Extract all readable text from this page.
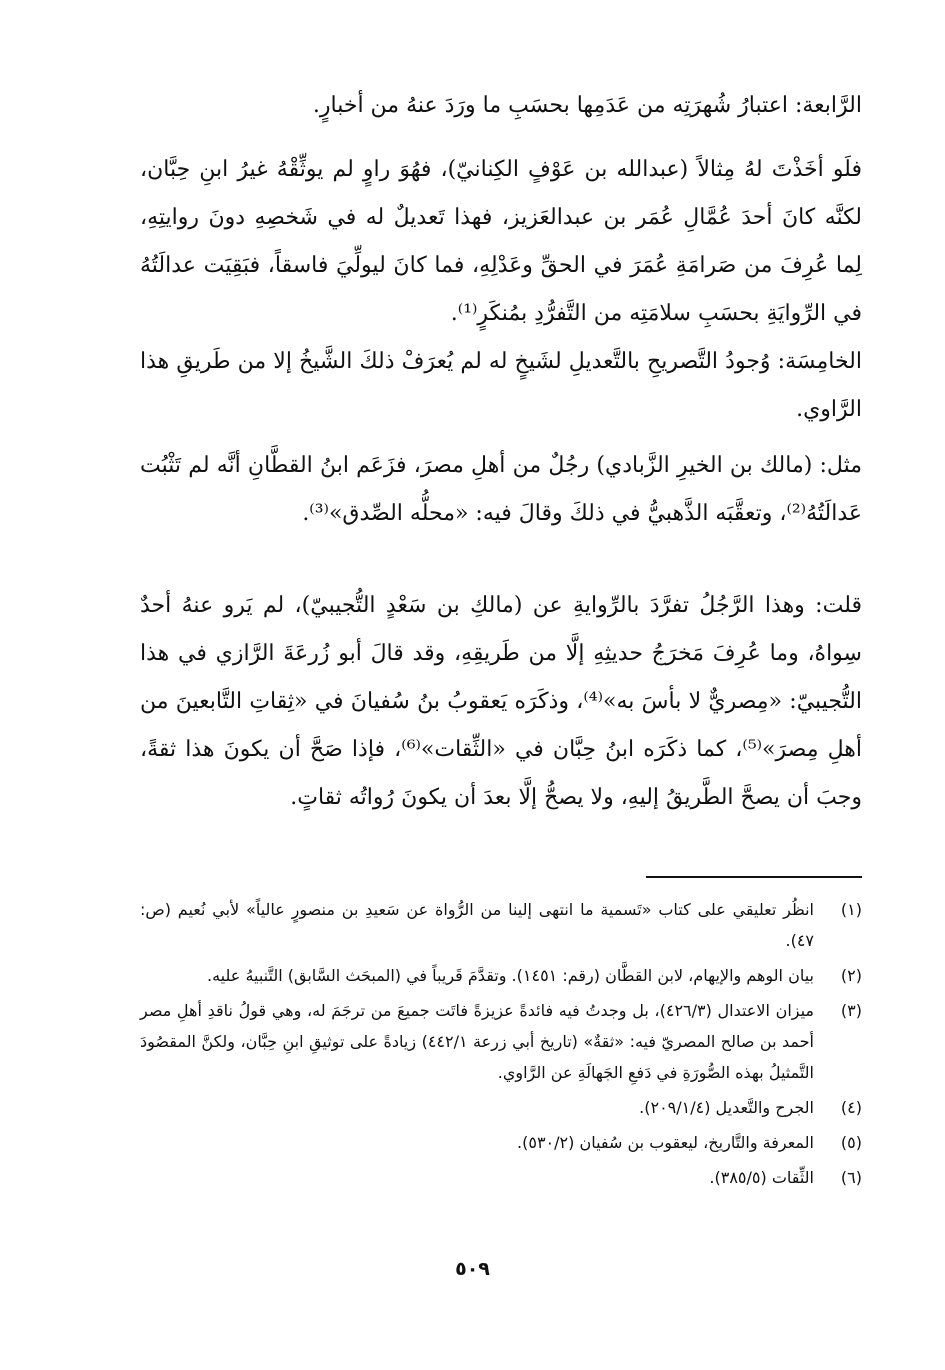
الرَّابعة: اعتبارُ شُهرَتِه من عَدَمِها بحسَبِ ما ورَدَ عنهُ من أخبارٍ.

فلَو أخَذْتَ لهُ مِثالاً (عبدالله بن عَوْفٍ الكِنانيّ)، فهُوَ راوٍ لم يوثِّقْهُ غيرُ ابنِ حِبَّان، لكنَّه كانَ أحدَ عُمَّالِ عُمَر بن عبدالعَزيز، فهذا تَعديلٌ له في شَخصِهِ دونَ روايتِهِ، لِما عُرِفَ من صَرامَةِ عُمَرَ في الحقِّ وعَدْلِهِ، فما كانَ ليولِّيَ فاسقاً، فبَقِيَت عدالَتُهُ في الرِّوايَةِ بحسَبِ سلامَتِه من التَّفرُّدِ بمُنكَرٍ⁽¹⁾.

الخامِسَة: وُجودُ التَّصريحِ بالتَّعديلِ لشَيخٍ له لم يُعرَفْ ذلكَ الشَّيخُ إلا من طَريقِ هذا الرَّاوي.

مثل: (مالك بن الخيرِ الزَّبادي) رجُلٌ من أهلِ مصرَ، فزَعَم ابنُ القطَّانِ أنَّه لم تَثْبُت عَدالَتُهُ⁽²⁾، وتعقَّبَه الذَّهبيُّ في ذلكَ وقالَ فيه: «محلُّه الصِّدق»⁽³⁾.

قلت: وهذا الرَّجُلُ تفرَّدَ بالرِّوايةِ عن (مالكِ بن سَعْدٍ التُّجيبيّ)، لم يَرو عنهُ أحدٌ سِواهُ، وما عُرِفَ مَخرَجُ حديثِهِ إلَّا من طَريقِهِ، وقد قالَ أبو زُرعَةَ الرَّازي في هذا التُّجيبيّ: «مِصريٌّ لا بأسَ به»⁽⁴⁾، وذكَرَه يَعقوبُ بنُ سُفيانَ في «ثِقاتِ التَّابعينَ من أهلِ مِصرَ»⁽⁵⁾، كما ذكَرَه ابنُ حِبَّان في «الثِّقات»⁽⁶⁾، فإذا صَحَّ أن يكونَ هذا ثقةً، وجبَ أن يصحَّ الطَّريقُ إليهِ، ولا يصحُّ إلَّا بعدَ أن يكونَ رُواتُه ثقاتٍ.

(١)
انظُر تعليقي على كتاب «تَسمية ما انتهى إلينا من الرُّواة عن سَعيدِ بن منصورٍ عالياً» لأبي نُعيم (ص: ٤٧).
(٢)
بيان الوهم والإيهام، لابن القطَّان (رقم: ١٤٥١). وتقدَّمَ قَريباً في (المبحَث السَّابق) التَّنبيهُ عليه.
(٣)
ميزان الاعتدال (٤٢٦/٣)، بل وجدتُ فيه فائدةً عزيزةً فاتَت جميعَ من ترجَمَ له، وهي قولُ ناقدِ أهلِ مصر أحمد بن صالح المصريّ فيه: «ثقةٌ» (تاريخ أبي زرعة ٤٤٢/١) زيادةً على توثيقِ ابنِ حِبَّان، ولكنَّ المقصُودَ التَّمثيلُ بهذه الصُّورَةِ في دَفعِ الجَهالَةِ عن الرَّاوي.
(٤)
الجرح والتَّعديل (٢٠٩/١/٤).
(٥)
المعرفة والتَّاريخ، ليعقوب بن سُفيان (٥٣٠/٢).
(٦)
الثِّقات (٣٨٥/٥).
٥٠٩
